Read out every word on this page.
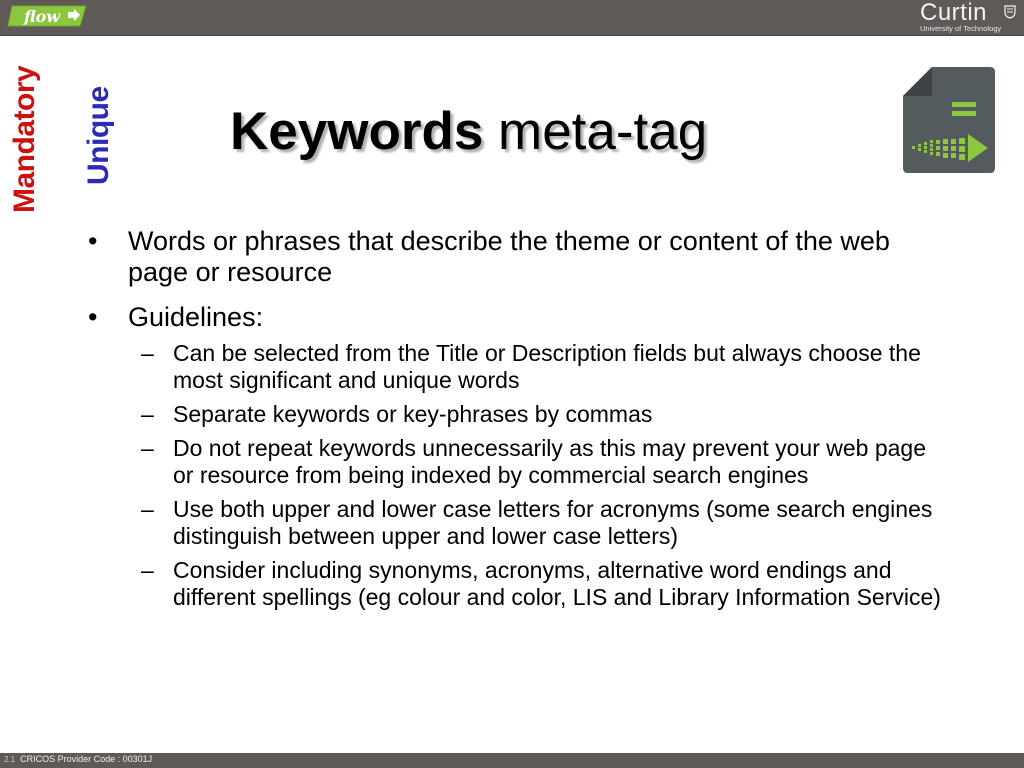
flow	Curtin
University of Technology
Mandatory Unique Keywords meta-tag
• Words or phrases that describe the theme or content of the web page or resource
• Guidelines:
– Can be selected from the Title or Description fields but always choose the most significant and unique words
– Separate keywords or key-phrases by commas
– Do not repeat keywords unnecessarily as this may prevent your web page or resource from being indexed by commercial search engines
– Use both upper and lower case letters for acronyms (some search engines distinguish between upper and lower case letters)
– Consider including synonyms, acronyms, alternative word endings and different spellings (eg colour and color, LIS and Library Information Service)
2.1 CRICOS Provider Code : 00301J
